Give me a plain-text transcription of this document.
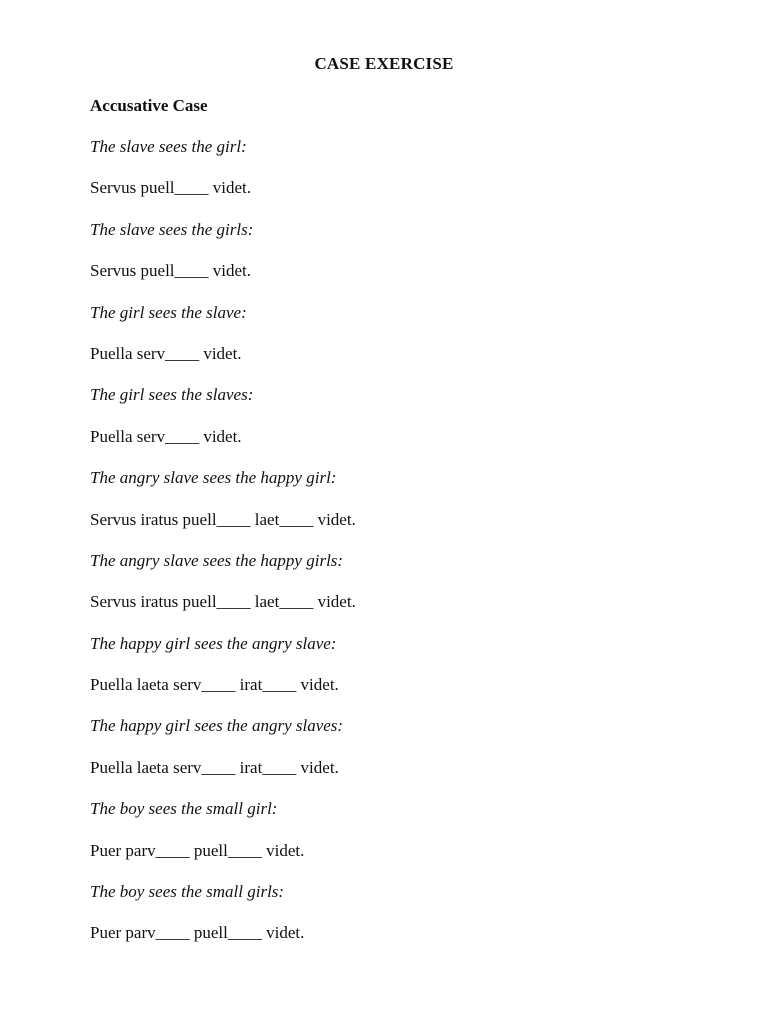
CASE EXERCISE
Accusative Case
The slave sees the girl:
Servus puell____ videt.
The slave sees the girls:
Servus puell____ videt.
The girl sees the slave:
Puella serv____ videt.
The girl sees the slaves:
Puella serv____ videt.
The angry slave sees the happy girl:
Servus iratus puell____ laet____ videt.
The angry slave sees the happy girls:
Servus iratus puell____ laet____ videt.
The happy girl sees the angry slave:
Puella laeta serv____ irat____ videt.
The happy girl sees the angry slaves:
Puella laeta serv____ irat____ videt.
The boy sees the small girl:
Puer parv____ puell____ videt.
The boy sees the small girls:
Puer parv____ puell____ videt.
